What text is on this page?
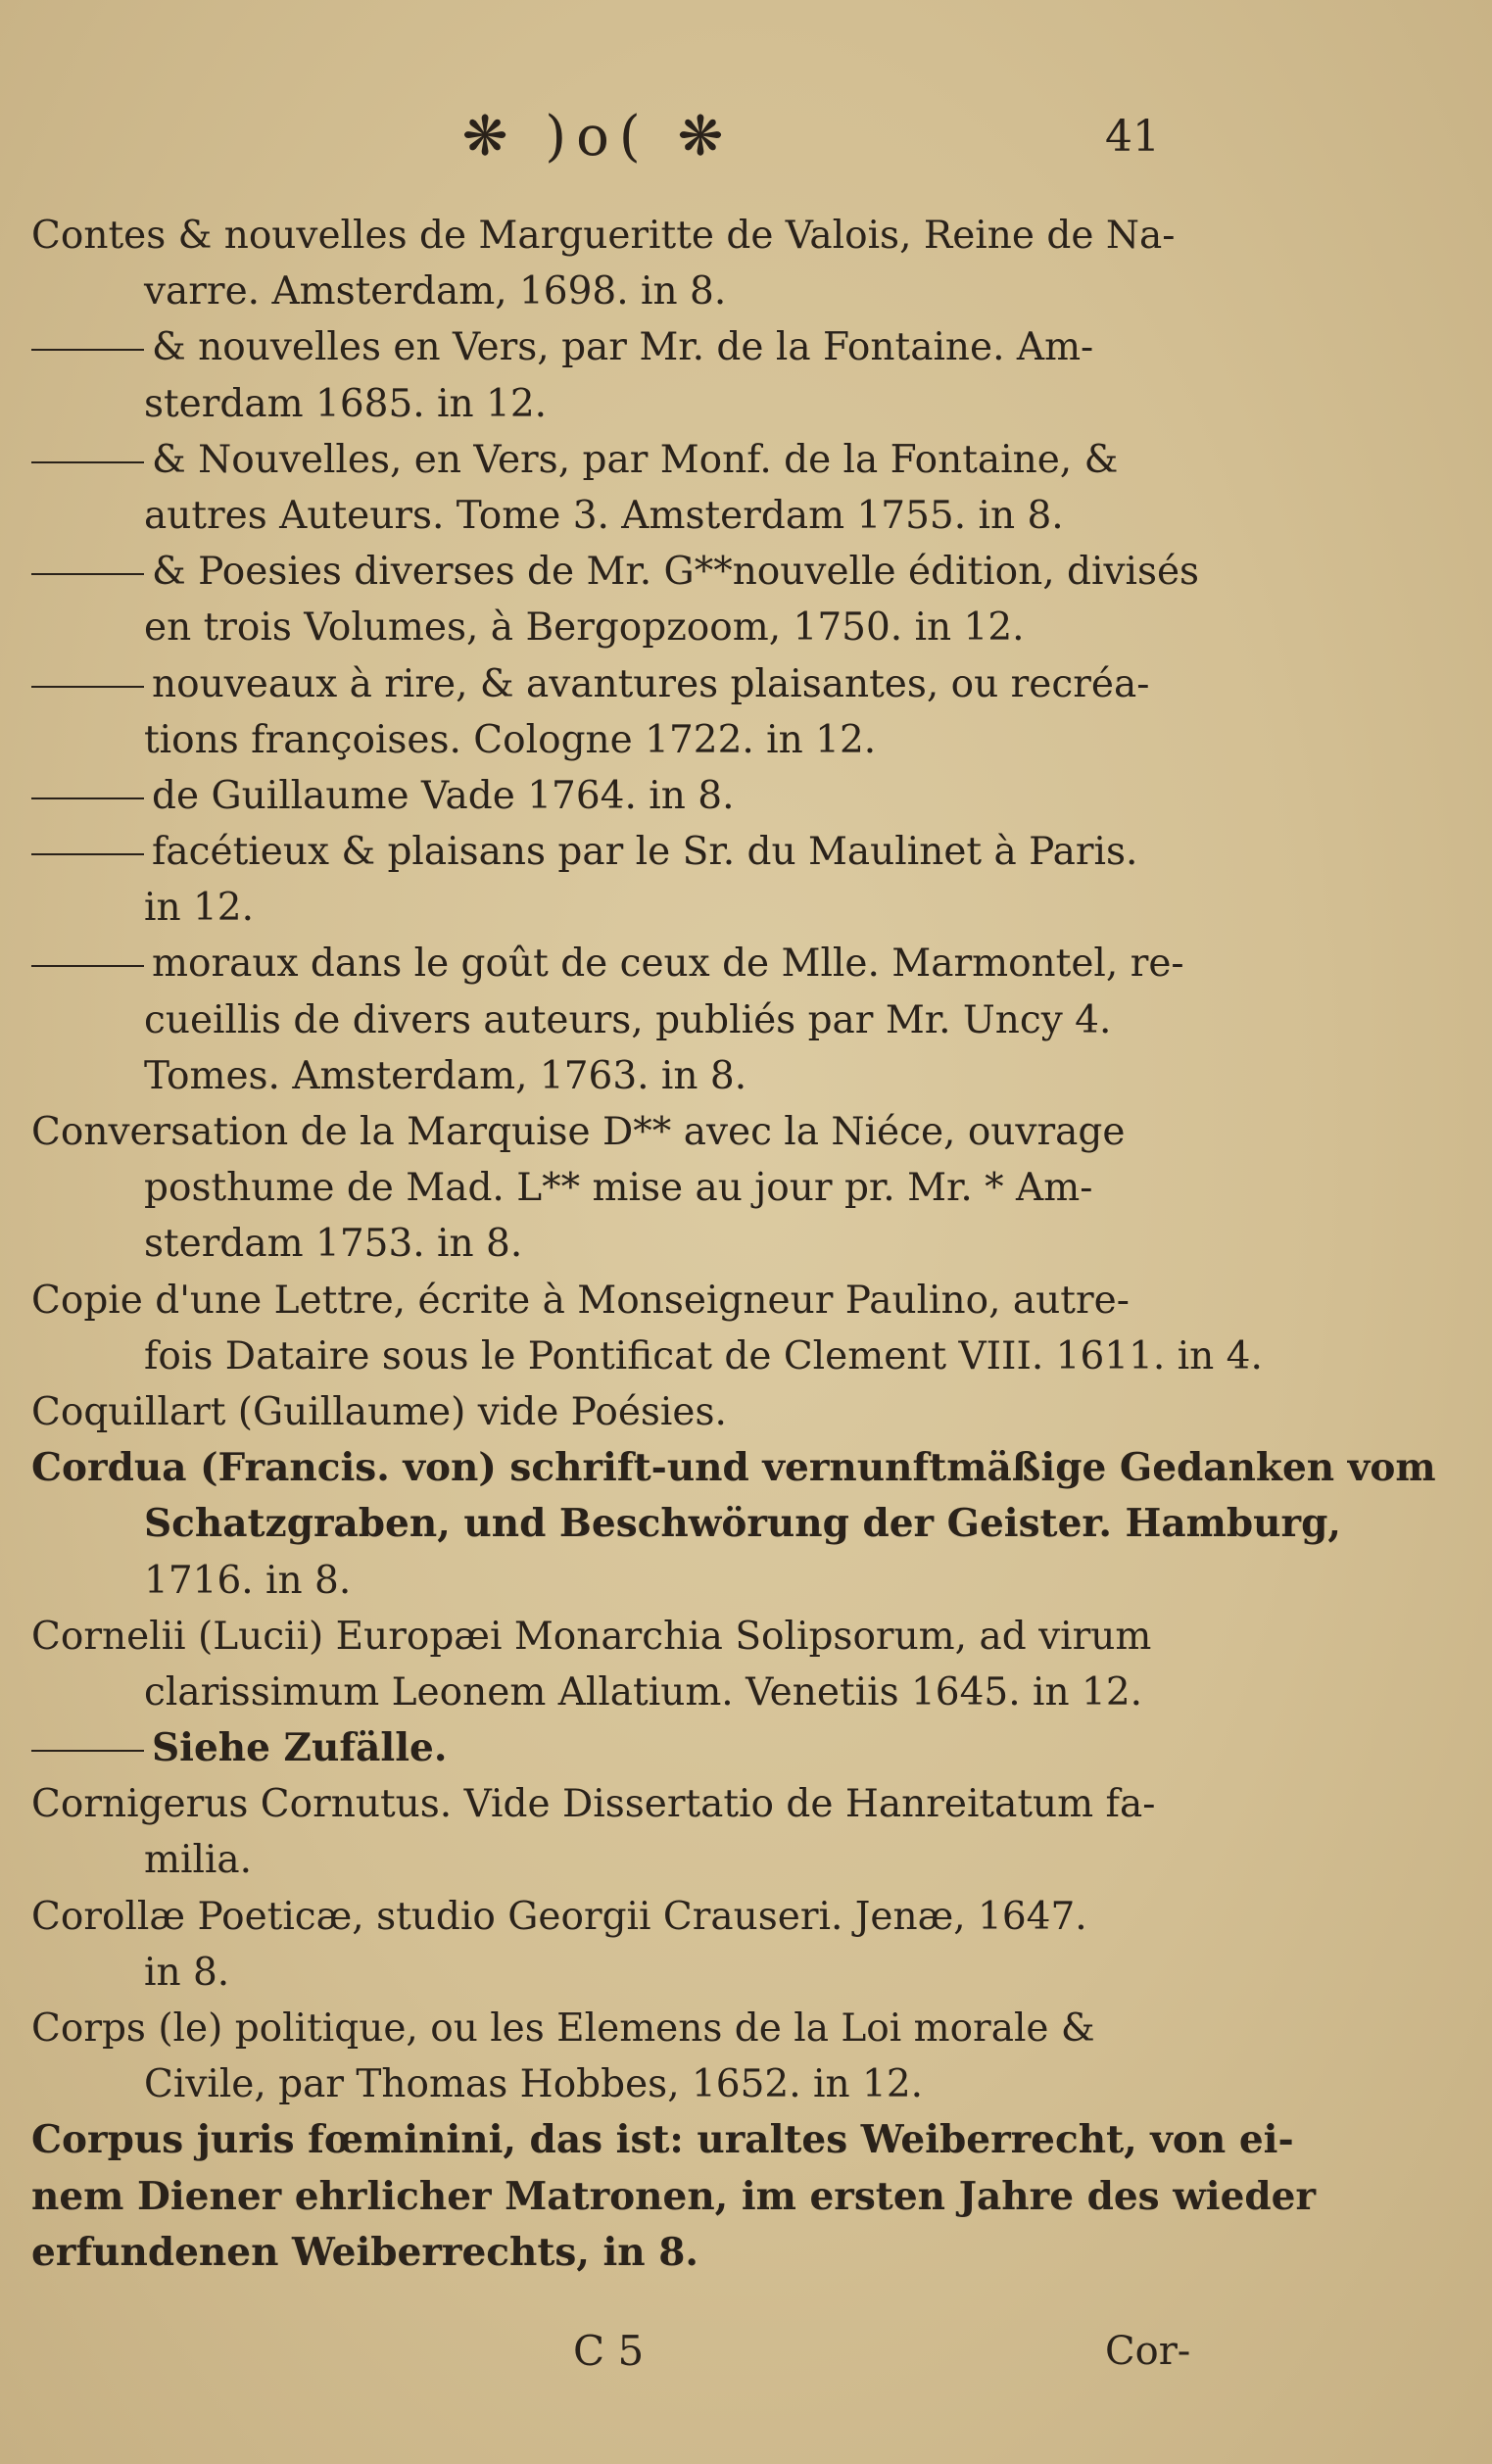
❋ )o( ❋	41
Contes & nouvelles de Margueritte de Valois, Reine de Na-
varre. Amsterdam, 1698. in 8.
& nouvelles en Vers, par Mr. de la Fontaine. Am-
sterdam 1685. in 12.
& Nouvelles, en Vers, par Monf. de la Fontaine, &
autres Auteurs. Tome 3. Amsterdam 1755. in 8.
& Poesies diverses de Mr. G**nouvelle édition, divisés
en trois Volumes, à Bergopzoom, 1750. in 12.
nouveaux à rire, & avantures plaisantes, ou recréa-
tions françoises. Cologne 1722. in 12.
de Guillaume Vade 1764. in 8.
facétieux & plaisans par le Sr. du Maulinet à Paris.
in 12.
moraux dans le goût de ceux de Mlle. Marmontel, re-
cueillis de divers auteurs, publiés par Mr. Uncy 4.
Tomes. Amsterdam, 1763. in 8.
Conversation de la Marquise D** avec la Niéce, ouvrage
posthume de Mad. L** mise au jour pr. Mr. * Am-
sterdam 1753. in 8.
Copie d'une Lettre, écrite à Monseigneur Paulino, autre-
fois Dataire sous le Pontificat de Clement VIII. 1611. in 4.
Coquillart (Guillaume) vide Poésies.
Cordua (Francis. von) schrift-und vernunftmäßige Gedanken vom
Schatzgraben, und Beschwörung der Geister. Hamburg,
1716. in 8.
Cornelii (Lucii) Europæi Monarchia Solipsorum, ad virum
clarissimum Leonem Allatium. Venetiis 1645. in 12.
Siehe Zufälle.
Cornigerus Cornutus. Vide Dissertatio de Hanreitatum fa-
milia.
Corollæ Poeticæ, studio Georgii Crauseri. Jenæ, 1647.
in 8.
Corps (le) politique, ou les Elemens de la Loi morale &
Civile, par Thomas Hobbes, 1652. in 12.
Corpus juris fœminini, das ist: uraltes Weiberrecht, von ei-
nem Diener ehrlicher Matronen, im ersten Jahre des wieder
erfundenen Weiberrechts, in 8.
C 5	Cor-
